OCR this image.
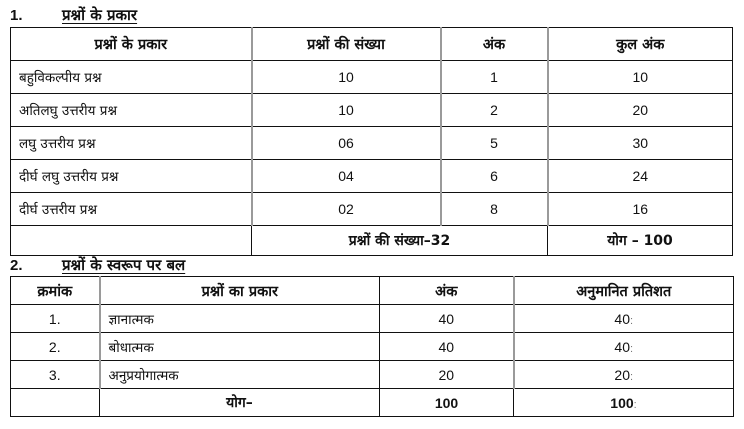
1.	प्रश्नों के प्रकार
प्रश्नों के प्रकार	प्रश्नों की संख्या	अंक	कुल अंक
बहुविकल्पीय प्रश्न	10	1	10
अतिलघु उत्तरीय प्रश्न	10	2	20
लघु उत्तरीय प्रश्न	06	5	30
दीर्घ लघु उत्तरीय प्रश्न	04	6	24
दीर्घ उत्तरीय प्रश्न	02	8	16
	प्रश्नों की संख्या–32		योग – 100
2.	प्रश्नों के स्वरूप पर बल
क्रमांक	प्रश्नों का प्रकार	अंक	अनुमानित प्रतिशत
1.	ज्ञानात्मक	40	40:
2.	बोधात्मक	40	40:
3.	अनुप्रयोगात्मक	20	20:
	योग–	100	100:
